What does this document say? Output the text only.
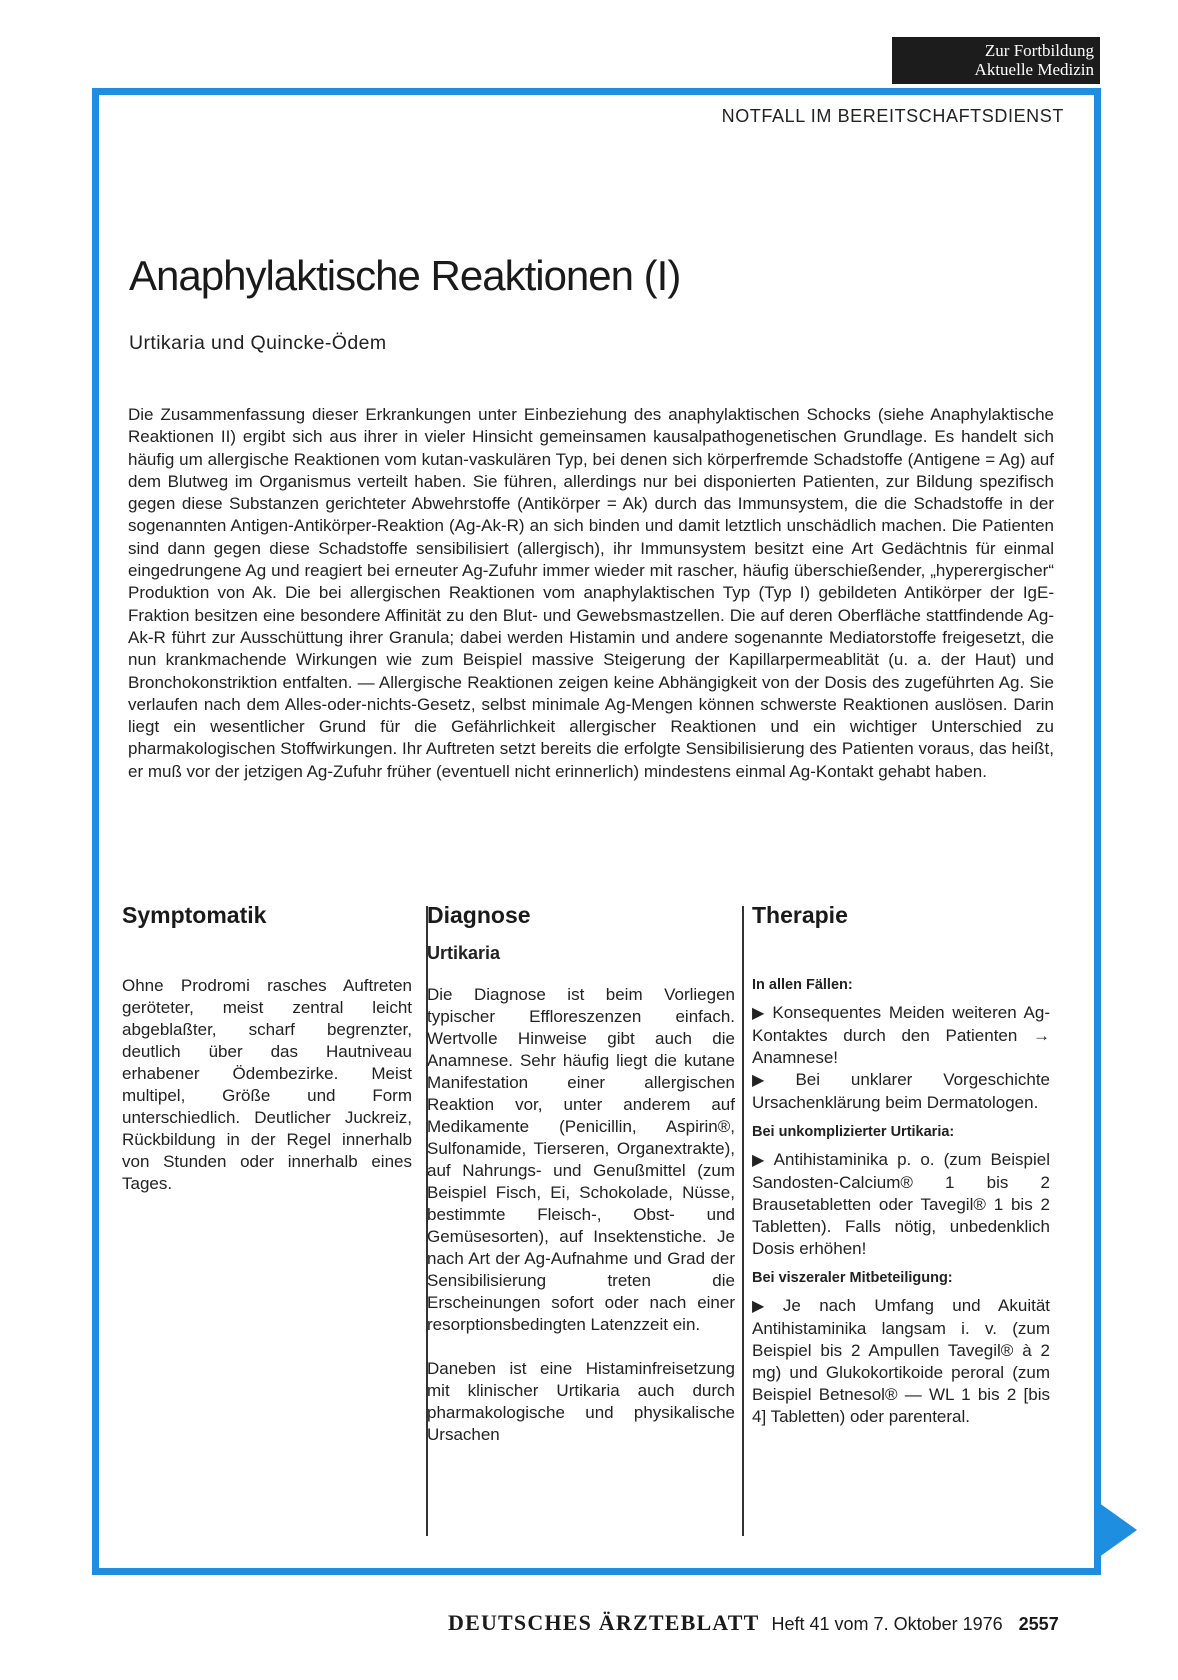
Zur Fortbildung
Aktuelle Medizin
NOTFALL IM BEREITSCHAFTSDIENST
Anaphylaktische Reaktionen (I)

Urtikaria und Quincke-Ödem

Die Zusammenfassung dieser Erkrankungen unter Einbeziehung des anaphylaktischen Schocks (siehe Anaphylaktische Reaktionen II) ergibt sich aus ihrer in vieler Hinsicht gemeinsamen kausalpathogenetischen Grundlage. Es handelt sich häufig um allergische Reaktionen vom kutan-vaskulären Typ, bei denen sich körperfremde Schadstoffe (Antigene = Ag) auf dem Blutweg im Organismus verteilt haben. Sie führen, allerdings nur bei disponierten Patienten, zur Bildung spezifisch gegen diese Substanzen gerichteter Abwehrstoffe (Antikörper = Ak) durch das Immunsystem, die die Schadstoffe in der sogenannten Antigen-Antikörper-Reaktion (Ag-Ak-R) an sich binden und damit letztlich unschädlich machen. Die Patienten sind dann gegen diese Schadstoffe sensibilisiert (allergisch), ihr Immunsystem besitzt eine Art Gedächtnis für einmal eingedrungene Ag und reagiert bei erneuter Ag-Zufuhr immer wieder mit rascher, häufig überschießender, „hyperergischer“ Produktion von Ak. Die bei allergischen Reaktionen vom anaphylaktischen Typ (Typ I) gebildeten Antikörper der IgE-Fraktion besitzen eine besondere Affinität zu den Blut- und Gewebsmastzellen. Die auf deren Oberfläche stattfindende Ag-Ak-R führt zur Ausschüttung ihrer Granula; dabei werden Histamin und andere sogenannte Mediatorstoffe freigesetzt, die nun krankmachende Wirkungen wie zum Beispiel massive Steigerung der Kapillarpermeablität (u. a. der Haut) und Bronchokonstriktion entfalten. — Allergische Reaktionen zeigen keine Abhängigkeit von der Dosis des zugeführten Ag. Sie verlaufen nach dem Alles-oder-nichts-Gesetz, selbst minimale Ag-Mengen können schwerste Reaktionen auslösen. Darin liegt ein wesentlicher Grund für die Gefährlichkeit allergischer Reaktionen und ein wichtiger Unterschied zu pharmakologischen Stoffwirkungen. Ihr Auftreten setzt bereits die erfolgte Sensibilisierung des Patienten voraus, das heißt, er muß vor der jetzigen Ag-Zufuhr früher (eventuell nicht erinnerlich) mindestens einmal Ag-Kontakt gehabt haben.

Symptomatik

Ohne Prodromi rasches Auftreten geröteter, meist zentral leicht abgeblaßter, scharf begrenzter, deutlich über das Hautniveau erhabener Ödembezirke. Meist multipel, Größe und Form unterschiedlich. Deutlicher Juckreiz, Rückbildung in der Regel innerhalb von Stunden oder innerhalb eines Tages.

Diagnose
Urtikaria

Die Diagnose ist beim Vorliegen typischer Effloreszenzen einfach. Wertvolle Hinweise gibt auch die Anamnese. Sehr häufig liegt die kutane Manifestation einer allergischen Reaktion vor, unter anderem auf Medikamente (Penicillin, Aspirin®, Sulfonamide, Tierseren, Organextrakte), auf Nahrungs- und Genußmittel (zum Beispiel Fisch, Ei, Schokolade, Nüsse, bestimmte Fleisch-, Obst- und Gemüsesorten), auf Insektenstiche. Je nach Art der Ag-Aufnahme und Grad der Sensibilisierung treten die Erscheinungen sofort oder nach einer resorptionsbedingten Latenzzeit ein.

Daneben ist eine Histaminfreisetzung mit klinischer Urtikaria auch durch pharmakologische und physikalische Ursachen

Therapie

In allen Fällen:

▶ Konsequentes Meiden weiteren Ag-Kontaktes durch den Patienten → Anamnese!

▶ Bei unklarer Vorgeschichte Ursachenklärung beim Dermatologen.

Bei unkomplizierter Urtikaria:

▶ Antihistaminika p. o. (zum Beispiel Sandosten-Calcium® 1 bis 2 Brausetabletten oder Tavegil® 1 bis 2 Tabletten). Falls nötig, unbedenklich Dosis erhöhen!

Bei viszeraler Mitbeteiligung:

▶ Je nach Umfang und Akuität Antihistaminika langsam i. v. (zum Beispiel bis 2 Ampullen Tavegil® à 2 mg) und Glukokortikoide peroral (zum Beispiel Betnesol® — WL 1 bis 2 [bis 4] Tabletten) oder parenteral.

DEUTSCHES ÄRZTEBLATT Heft 41 vom 7. Oktober 1976 2557
